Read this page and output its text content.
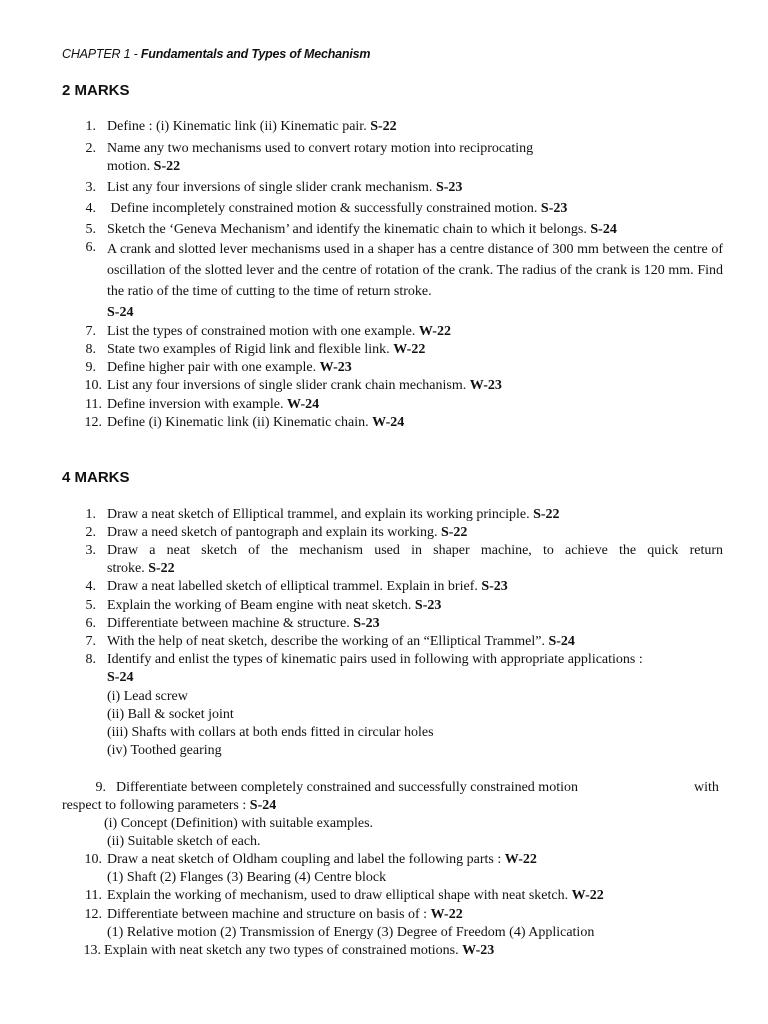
CHAPTER 1 - Fundamentals and Types of Mechanism
2 MARKS
1. Define : (i) Kinematic link (ii) Kinematic pair. S-22
2. Name any two mechanisms used to convert rotary motion into reciprocating
motion. S-22
3. List any four inversions of single slider crank mechanism. S-23
4. Define incompletely constrained motion & successfully constrained motion. S-23
5. Sketch the ‘Geneva Mechanism’ and identify the kinematic chain to which it belongs. S-24
6. A crank and slotted lever mechanisms used in a shaper has a centre distance of 300 mm between the centre of oscillation of the slotted lever and the centre of rotation of the crank. The radius of the crank is 120 mm. Find the ratio of the time of cutting to the time of return stroke.
S-24
7. List the types of constrained motion with one example. W-22
8. State two examples of Rigid link and flexible link. W-22
9. Define higher pair with one example. W-23
10. List any four inversions of single slider crank chain mechanism. W-23
11. Define inversion with example. W-24
12. Define (i) Kinematic link (ii) Kinematic chain. W-24
4 MARKS
1. Draw a neat sketch of Elliptical trammel, and explain its working principle. S-22
2. Draw a need sketch of pantograph and explain its working. S-22
3. Draw a neat sketch of the mechanism used in shaper machine, to achieve the quick return
stroke. S-22
4. Draw a neat labelled sketch of elliptical trammel. Explain in brief. S-23
5. Explain the working of Beam engine with neat sketch. S-23
6. Differentiate between machine & structure. S-23
7. With the help of neat sketch, describe the working of an “Elliptical Trammel”. S-24
8. Identify and enlist the types of kinematic pairs used in following with appropriate applications :
S-24
(i) Lead screw
(ii) Ball & socket joint
(iii) Shafts with collars at both ends fitted in circular holes
(iv) Toothed gearing
9. Differentiate between completely constrained and successfully constrained motion	with
respect to following parameters : S-24
(i) Concept (Definition) with suitable examples.
(ii) Suitable sketch of each.
10. Draw a neat sketch of Oldham coupling and label the following parts : W-22
(1) Shaft (2) Flanges (3) Bearing (4) Centre block
11. Explain the working of mechanism, used to draw elliptical shape with neat sketch. W-22
12. Differentiate between machine and structure on basis of : W-22
(1) Relative motion (2) Transmission of Energy (3) Degree of Freedom (4) Application
13. Explain with neat sketch any two types of constrained motions. W-23
